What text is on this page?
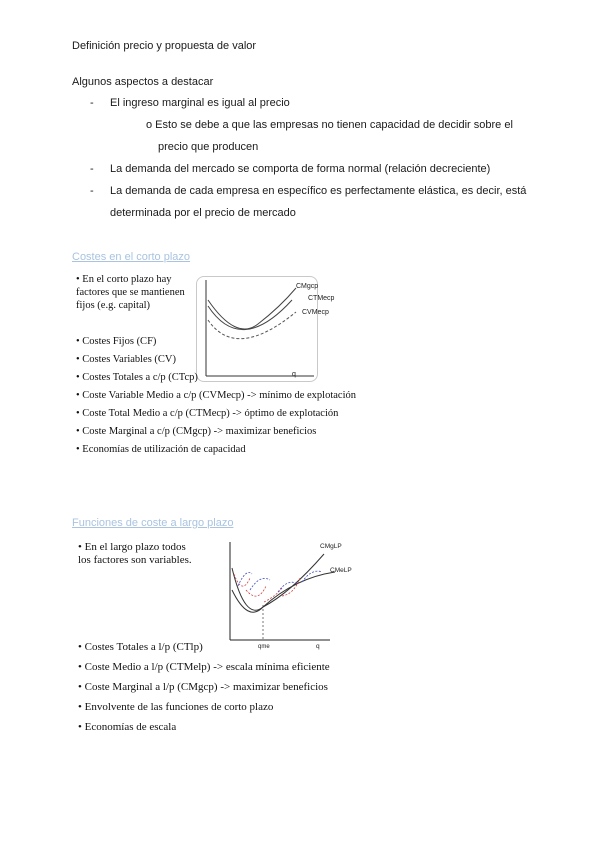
Definición precio y propuesta de valor
Algunos aspectos a destacar
- El ingreso marginal es igual al precio
o Esto se debe a que las empresas no tienen capacidad de decidir sobre el
precio que producen
- La demanda del mercado se comporta de forma normal (relación decreciente)
- La demanda de cada empresa en específico es perfectamente elástica, es decir, está
determinada por el precio de mercado
Costes en el corto plazo
• En el corto plazo hay
factores que se mantienen
fijos (e.g. capital)
CMgcp
CTMecp
CVMecp
q
• Costes Fijos (CF)
• Costes Variables (CV)
• Costes Totales a c/p (CTcp)
• Coste Variable Medio a c/p (CVMecp) -> mínimo de explotación
• Coste Total Medio a c/p (CTMecp) -> óptimo de explotación
• Coste Marginal a c/p (CMgcp) -> maximizar beneficios
• Economías de utilización de capacidad
Funciones de coste a largo plazo
• En el largo plazo todos
los factores son variables.
CMgLP
CMeLP
qme	q
• Costes Totales a l/p (CTlp)
• Coste Medio a l/p (CTMelp) -> escala mínima eficiente
• Coste Marginal a l/p (CMgcp) -> maximizar beneficios
• Envolvente de las funciones de corto plazo
• Economías de escala
